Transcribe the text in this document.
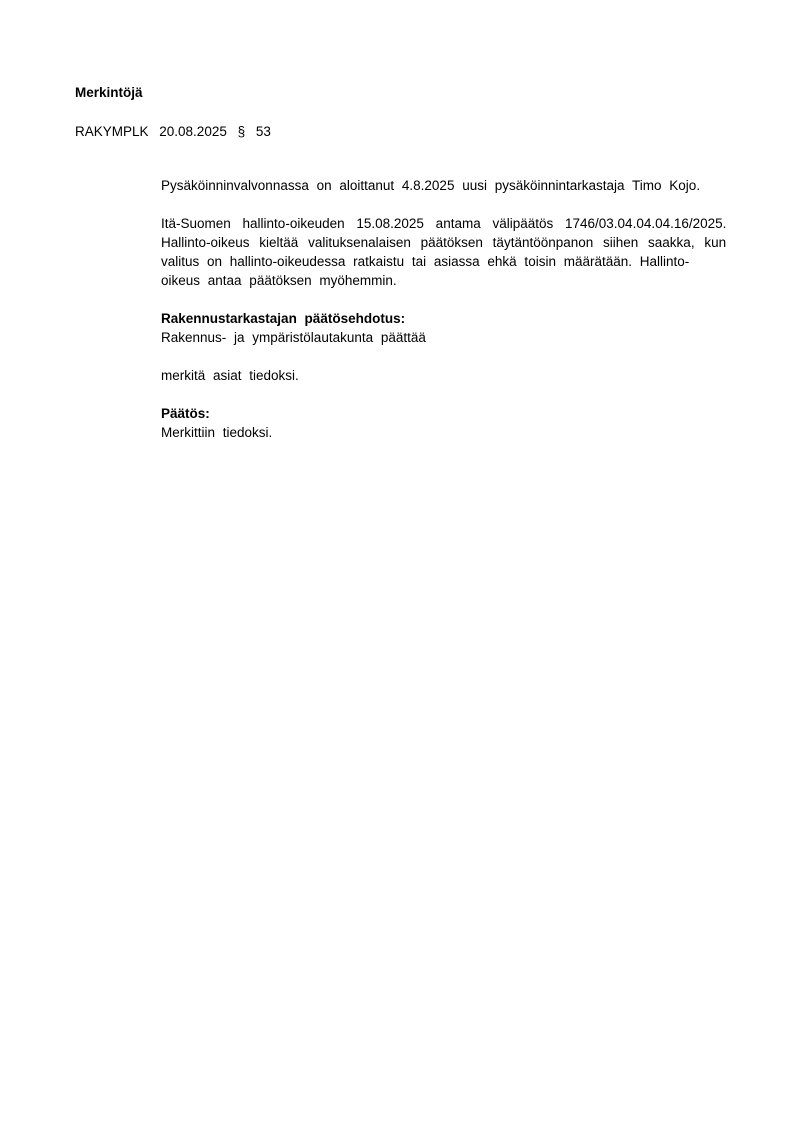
Merkintöjä
RAKYMPLK 20.08.2025 § 53
Pysäköinninvalvonnassa on aloittanut 4.8.2025 uusi pysäköinnintarkastaja Timo Kojo.
Itä-Suomen hallinto-oikeuden 15.08.2025 antama välipäätös 1746/03.04.04.04.16/2025.
Hallinto-oikeus kieltää valituksenalaisen päätöksen täytäntöönpanon siihen saakka, kun
valitus on hallinto-oikeudessa ratkaistu tai asiassa ehkä toisin määrätään. Hallinto-
oikeus antaa päätöksen myöhemmin.
Rakennustarkastajan päätösehdotus:
Rakennus- ja ympäristölautakunta päättää
merkitä asiat tiedoksi.
Päätös:
Merkittiin tiedoksi.
